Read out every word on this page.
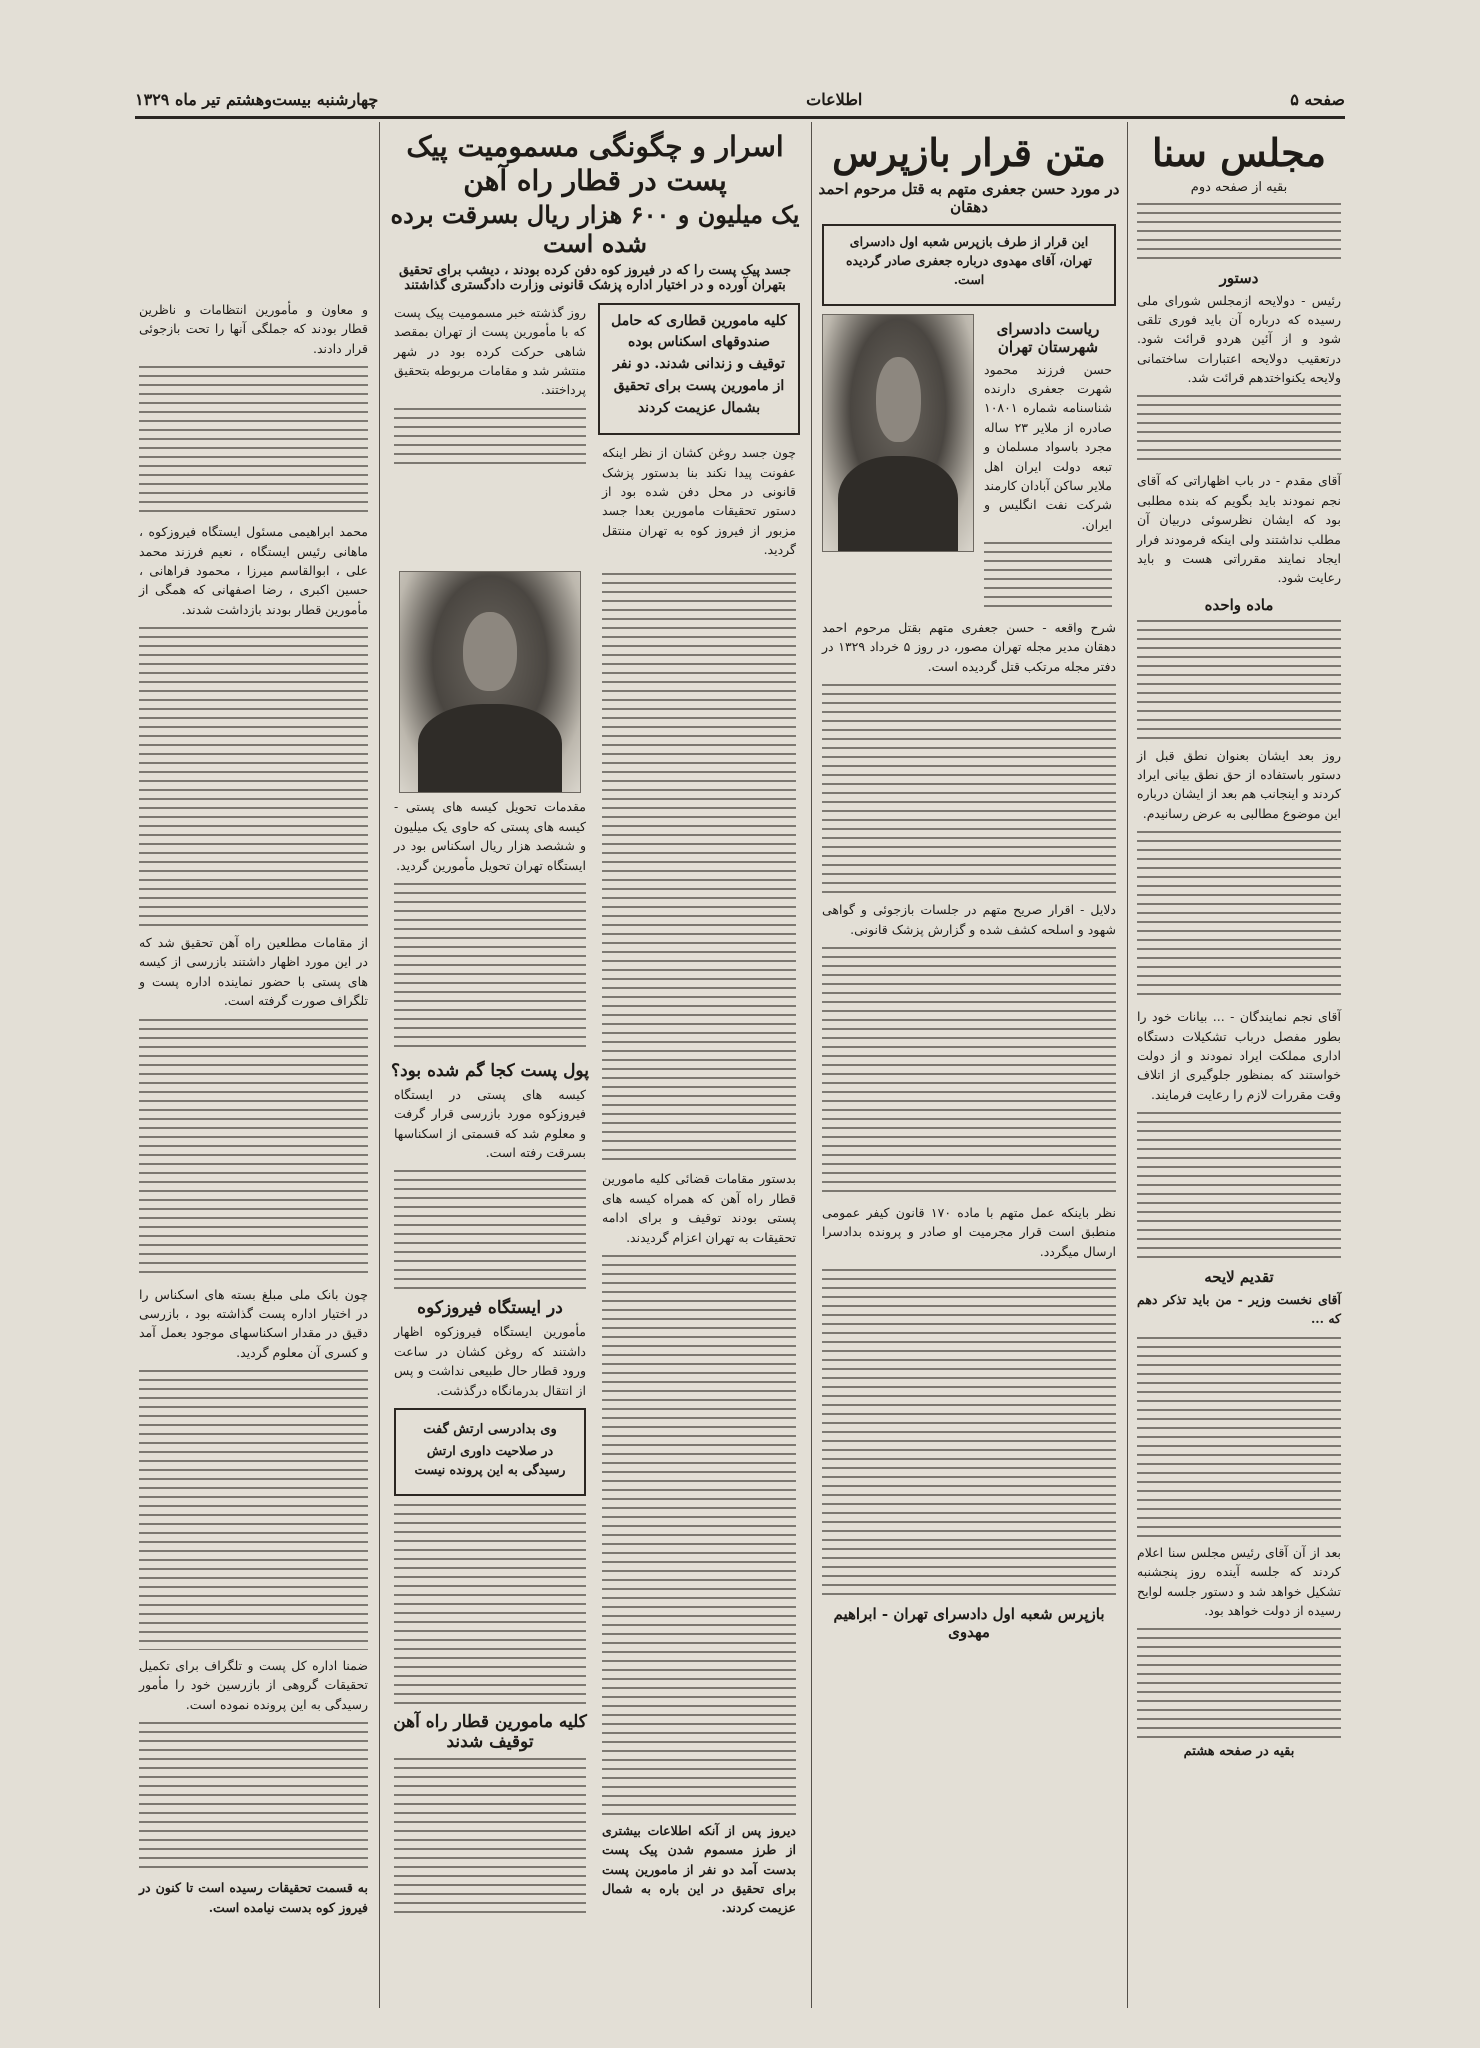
صفحه ۵
اطلاعات
چهارشنبه بیست‌و‌هشتم تیر ماه ۱۳۲۹
مجلس سنا
بقیه از صفحه دوم
دستور
رئیس - دولایحه ازمجلس شورای ملی رسیده که درباره آن باید فوری تلقی شود و از آئین هردو قرائت شود. درتعقیب دولایحه اعتبارات ساختمانی ولایحه یکنواختدهم قرائت شد.
آقای مقدم - در باب اظهاراتی که آقای نجم نمودند باید بگویم که بنده مطلبی بود که ایشان نظرسوئی دربیان آن مطلب نداشتند ولی اینکه فرمودند فرار ایجاد نمایند مقرراتی هست و باید رعایت شود.
ماده واحده
روز بعد ایشان بعنوان نطق قبل از دستور باستفاده از حق نطق بیانی ایراد کردند و اینجانب هم بعد از ایشان درباره این موضوع مطالبی به عرض رسانیدم.
آقای نجم نمایندگان - ... بیانات خود را بطور مفصل درباب تشکیلات دستگاه اداری مملکت ایراد نمودند و از دولت خواستند که بمنظور جلوگیری از اتلاف وقت مقررات لازم را رعایت فرمایند.
تقدیم لایحه
آقای نخست وزیر - من باید تذکر دهم که ...
بعد از آن آقای رئیس مجلس سنا اعلام کردند که جلسه آینده روز پنجشنبه تشکیل خواهد شد و دستور جلسه لوایح رسیده از دولت خواهد بود.
بقیه در صفحه هشتم
متن قرار بازپرس
در مورد حسن جعفری متهم به قتل مرحوم احمد دهقان
این قرار از طرف بازپرس شعبه اول دادسرای تهران، آقای مهدوی درباره جعفری صادر گردیده است.
ریاست دادسرای شهرستان تهران
حسن فرزند محمود شهرت جعفری دارنده شناسنامه شماره ۱۰۸۰۱ صادره از ملایر ۲۳ ساله مجرد باسواد مسلمان و تبعه دولت ایران اهل ملایر ساکن آبادان کارمند شرکت نفت انگلیس و ایران.
شرح واقعه - حسن جعفری متهم بقتل مرحوم احمد دهقان مدیر مجله تهران مصور، در روز ۵ خرداد ۱۳۲۹ در دفتر مجله مرتکب قتل گردیده است.
دلایل - اقرار صریح متهم در جلسات بازجوئی و گواهی شهود و اسلحه کشف شده و گزارش پزشک قانونی.
نظر باینکه عمل متهم با ماده ۱۷۰ قانون کیفر عمومی منطبق است قرار مجرمیت او صادر و پرونده بدادسرا ارسال میگردد.
بازپرس شعبه اول دادسرای تهران - ابراهیم مهدوی
اسرار و چگونگی مسمومیت پیک پست در قطار راه آهن
یک میلیون و ۶۰۰ هزار ریال بسرقت برده شده است
جسد پیک پست را که در فیروز کوه دفن کرده بودند ، دیشب برای تحقیق بتهران آورده و در اختیار اداره پزشک قانونی وزارت دادگستری گذاشتند
کلیه مامورین قطاری که حامل صندوقهای اسکناس بوده توقیف و زندانی شدند. دو نفر از مامورین پست برای تحقیق بشمال عزیمت کردند
چون جسد روغن کشان از نظر اینکه عفونت پیدا نکند بنا بدستور پزشک قانونی در محل دفن شده بود از دستور تحقیقات مامورین بعدا جسد مزبور از فیروز کوه به تهران منتقل گردید.
روز گذشته خبر مسمومیت پیک پست که با مأمورین پست از تهران بمقصد شاهی حرکت کرده بود در شهر منتشر شد و مقامات مربوطه بتحقیق پرداختند.
بدستور مقامات قضائی کلیه مامورین قطار راه آهن که همراه کیسه های پستی بودند توقیف و برای ادامه تحقیقات به تهران اعزام گردیدند.
دیروز پس از آنکه اطلاعات بیشتری از طرز مسموم شدن پیک پست بدست آمد دو نفر از مامورین پست برای تحقیق در این باره به شمال عزیمت کردند.
مقدمات تحویل کیسه های پستی - کیسه های پستی که حاوی یک میلیون و ششصد هزار ریال اسکناس بود در ایستگاه تهران تحویل مأمورین گردید.
پول پست کجا گم شده بود؟
کیسه های پستی در ایستگاه فیروزکوه مورد بازرسی قرار گرفت و معلوم شد که قسمتی از اسکناسها بسرقت رفته است.
در ایستگاه فیروزکوه
مأمورین ایستگاه فیروزکوه اظهار داشتند که روغن کشان در ساعت ورود قطار حال طبیعی نداشت و پس از انتقال بدرمانگاه درگذشت.
وی بدادرسی ارتش گفت
در صلاحیت داوری ارتش رسیدگی به این پرونده نیست
کلیه مامورین قطار راه آهن توقیف شدند
و معاون و مأمورین انتظامات و ناظرین قطار بودند که جملگی آنها را تحت بازجوئی قرار دادند.
محمد ابراهیمی مسئول ایستگاه فیروزکوه ، ماهانی رئیس ایستگاه ، نعیم فرزند محمد علی ، ابوالقاسم میرزا ، محمود فراهانی ، حسین اکبری ، رضا اصفهانی که همگی از مأمورین قطار بودند بازداشت شدند.
از مقامات مطلعین راه آهن تحقیق شد که در این مورد اظهار داشتند بازرسی از کیسه های پستی با حضور نماینده اداره پست و تلگراف صورت گرفته است.
چون بانک ملی مبلغ بسته های اسکناس را در اختیار اداره پست گذاشته بود ، بازرسی دقیق در مقدار اسکناسهای موجود بعمل آمد و کسری آن معلوم گردید.
ضمنا اداره کل پست و تلگراف برای تکمیل تحقیقات گروهی از بازرسین خود را مأمور رسیدگی به این پرونده نموده است.
به قسمت تحقیقات رسیده است تا کنون در فیروز کوه بدست نیامده است.
